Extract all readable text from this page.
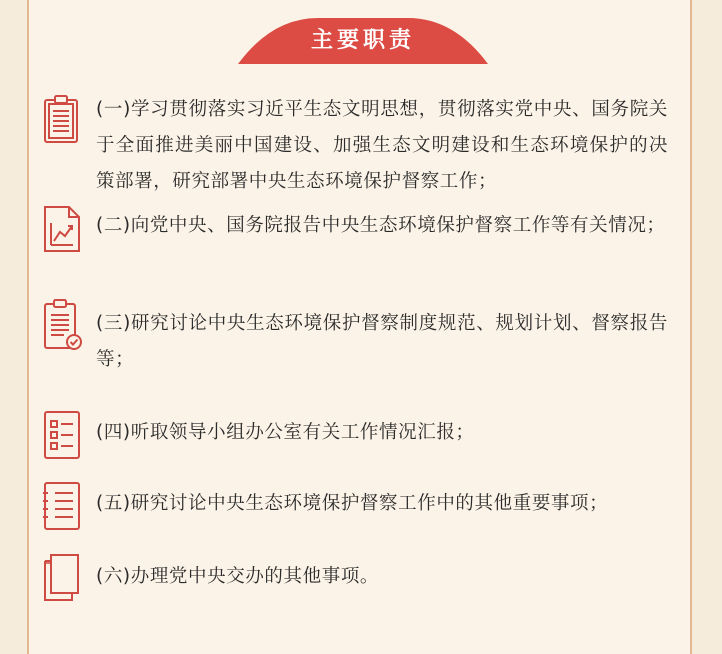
主要职责
(一)学习贯彻落实习近平生态文明思想，贯彻落实党中央、国务院关于全面推进美丽中国建设、加强生态文明建设和生态环境保护的决策部署，研究部署中央生态环境保护督察工作；
(二)向党中央、国务院报告中央生态环境保护督察工作等有关情况；
(三)研究讨论中央生态环境保护督察制度规范、规划计划、督察报告等；
(四)听取领导小组办公室有关工作情况汇报；
(五)研究讨论中央生态环境保护督察工作中的其他重要事项；
(六)办理党中央交办的其他事项。
